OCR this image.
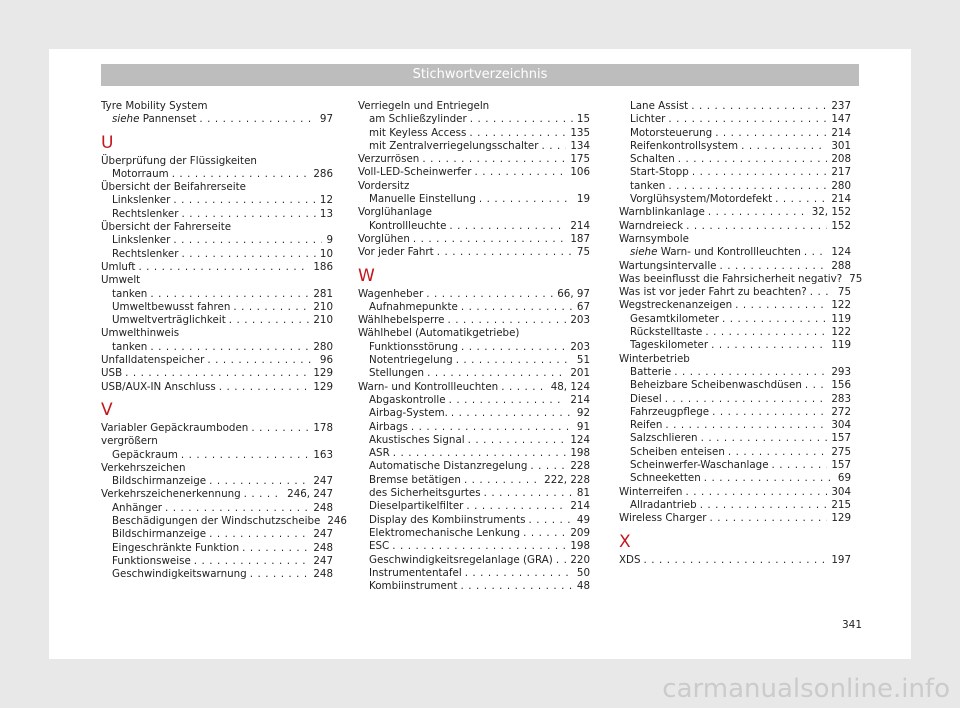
Stichwortverzeichnis
Tyre Mobility System
siehe Pannenset . . .	97
U
Überprüfung der Flüssigkeiten
Motorraum . . .	286
Übersicht der Beifahrerseite
Linkslenker . . .	12
Rechtslenker . . .	13
Übersicht der Fahrerseite
Linkslenker . . .	9
Rechtslenker . . .	10
Umluft . . .	186
Umwelt
tanken . . .	281
Umweltbewusst fahren . . .	210
Umweltverträglichkeit . . .	210
Umwelthinweis
tanken . . .	280
Unfalldatenspeicher . . .	96
USB . . .	129
USB/AUX-IN Anschluss . . .	129
V
Variabler Gepäckraumboden . . .	178
vergrößern
Gepäckraum . . .	163
Verkehrszeichen
Bildschirmanzeige . . .	247
Verkehrszeichenerkennung . . .	246, 247
Anhänger . . .	248
Beschädigungen der Windschutzscheibe 246
Bildschirmanzeige . . .	247
Eingeschränkte Funktion . . .	248
Funktionsweise . . .	247
Geschwindigkeitswarnung . . .	248
Verriegeln und Entriegeln
am Schließzylinder . . .	15
mit Keyless Access . . .	135
mit Zentralverriegelungsschalter . . .	134
Verzurrösen . . .	175
Voll-LED-Scheinwerfer . . .	106
Vordersitz
Manuelle Einstellung . . .	19
Vorglühanlage
Kontrollleuchte . . .	214
Vorglühen . . .	187
Vor jeder Fahrt . . .	75
W
Wagenheber . . .	66, 97
Aufnahmepunkte . . .	67
Wählhebelsperre . . .	203
Wählhebel (Automatikgetriebe)
Funktionsstörung . . .	203
Notentriegelung . . .	51
Stellungen . . .	201
Warn- und Kontrollleuchten . . .	48, 124
Abgaskontrolle . . .	214
Airbag-System. . . .	92
Airbags . . .	91
Akustisches Signal . . .	124
ASR . . .	198
Automatische Distanzregelung . . .	228
Bremse betätigen . . .	222, 228
des Sicherheitsgurtes . . .	81
Dieselpartikelfilter . . .	214
Display des Kombiinstruments . . .	49
Elektromechanische Lenkung . . .	209
ESC . . .	198
Geschwindigkeitsregelanlage (GRA) . . . 220
Instrumententafel . . .	50
Kombiinstrument . . .	48
Lane Assist . . .	237
Lichter . . .	147
Motorsteuerung . . .	214
Reifenkontrollsystem . . .	301
Schalten . . .	208
Start-Stopp . . .	217
tanken . . .	280
Vorglühsystem/Motordefekt . . .	214
Warnblinkanlage . . .	32, 152
Warndreieck . . .	152
Warnsymbole
siehe Warn- und Kontrollleuchten . . .	124
Wartungsintervalle . . .	288
Was beeinflusst die Fahrsicherheit negativ? 75
Was ist vor jeder Fahrt zu beachten? . . .	75
Wegstreckenanzeigen . . .	122
Gesamtkilometer . . .	119
Rückstelltaste . . .	122
Tageskilometer . . .	119
Winterbetrieb
Batterie . . .	293
Beheizbare Scheibenwaschdüsen . . .	156
Diesel . . .	283
Fahrzeugpflege . . .	272
Reifen . . .	304
Salzschlieren . . .	157
Scheiben enteisen . . .	275
Scheinwerfer-Waschanlage . . .	157
Schneeketten . . .	69
Winterreifen . . .	304
Allradantrieb . . .	215
Wireless Charger . . .	129
X
XDS . . .	197
341
carmanualsonline.info
